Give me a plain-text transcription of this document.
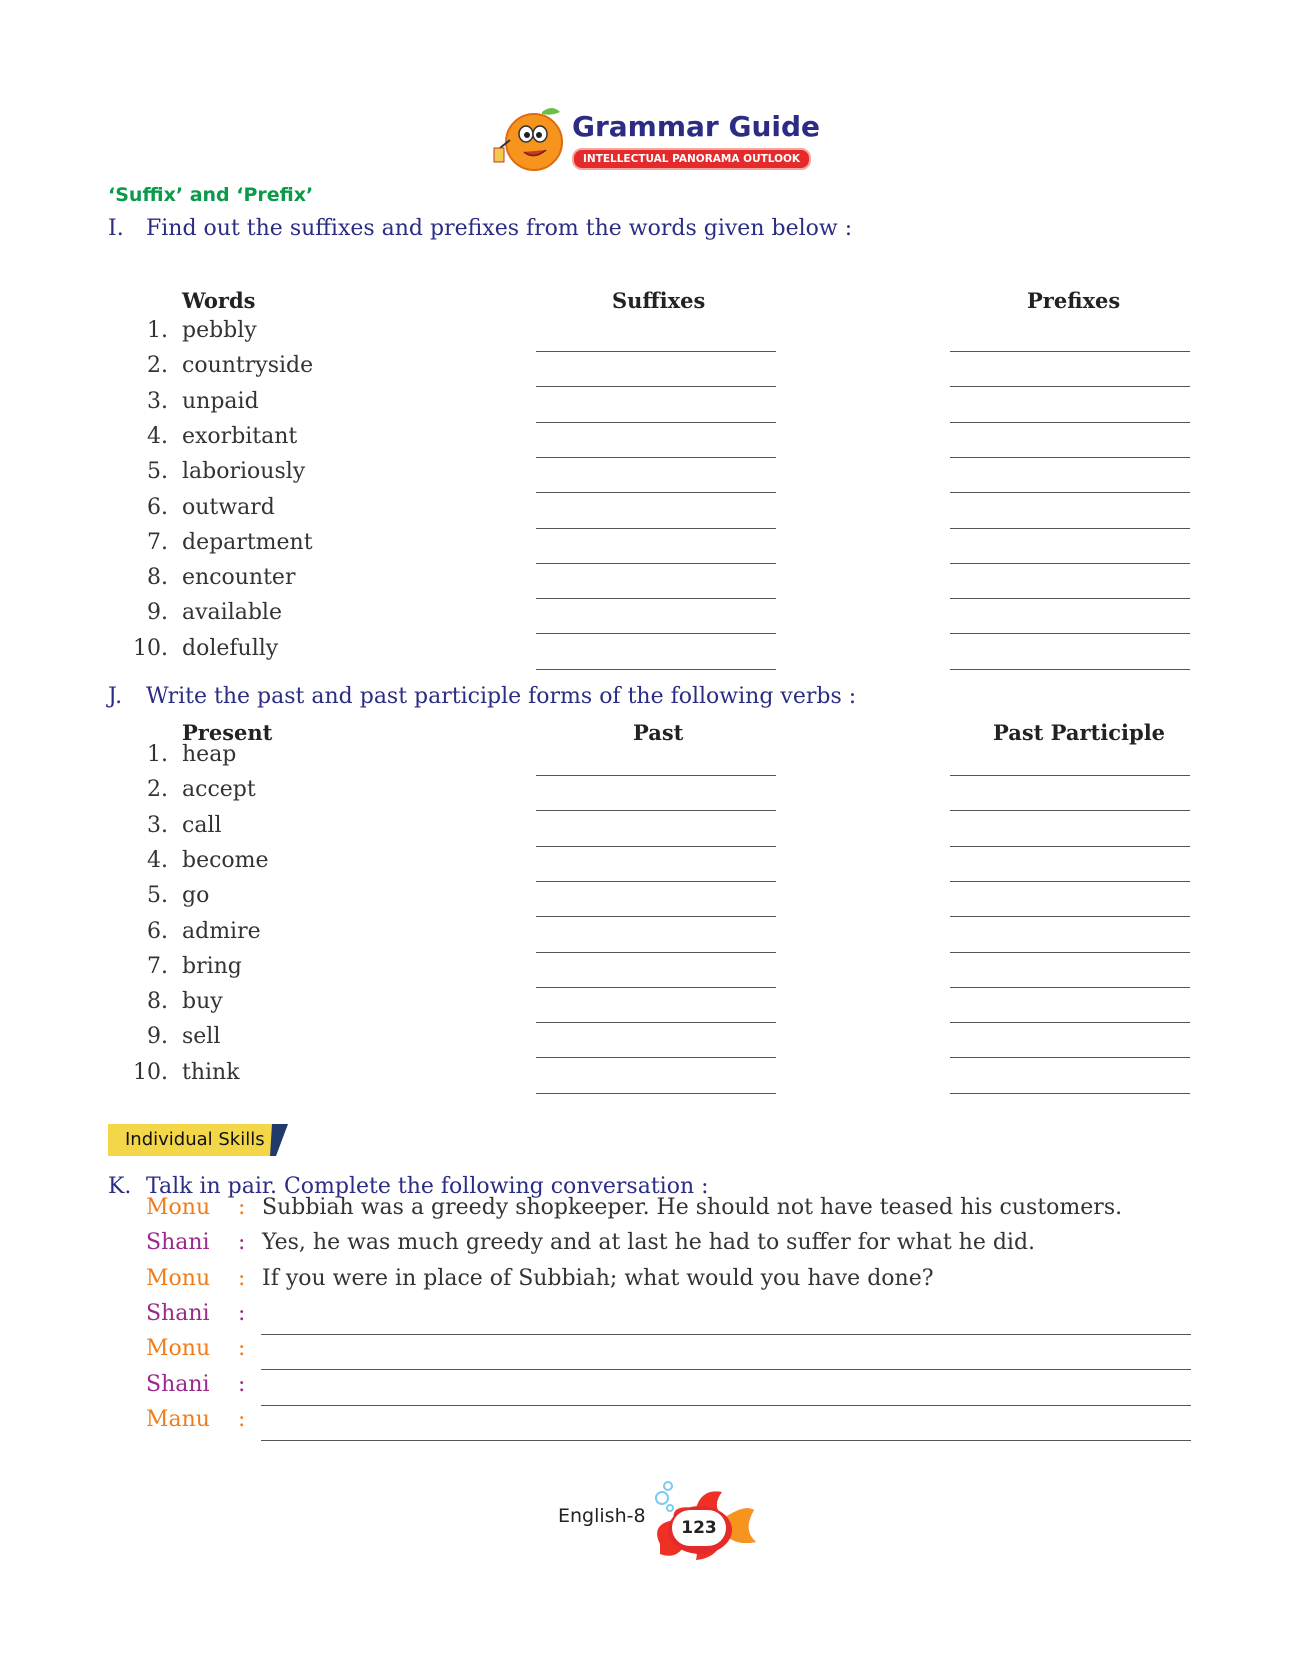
Grammar Guide
INTELLECTUAL PANORAMA OUTLOOK
‘Suffix’ and ‘Prefix’
I. Find out the suffixes and prefixes from the words given below :
Words	Suffixes	Prefixes
1. pebbly
2. countryside
3. unpaid
4. exorbitant
5. laboriously
6. outward
7. department
8. encounter
9. available
10. dolefully
J. Write the past and past participle forms of the following verbs :
Present	Past	Past Participle
1. heap
2. accept
3. call
4. become
5. go
6. admire
7. bring
8. buy
9. sell
10. think
Individual Skills
K. Talk in pair. Complete the following conversation :
Monu : Subbiah was a greedy shopkeeper. He should not have teased his customers.
Shani : Yes, he was much greedy and at last he had to suffer for what he did.
Monu : If you were in place of Subbiah; what would you have done?
Shani :
Monu :
Shani :
Manu :
123
English-8
